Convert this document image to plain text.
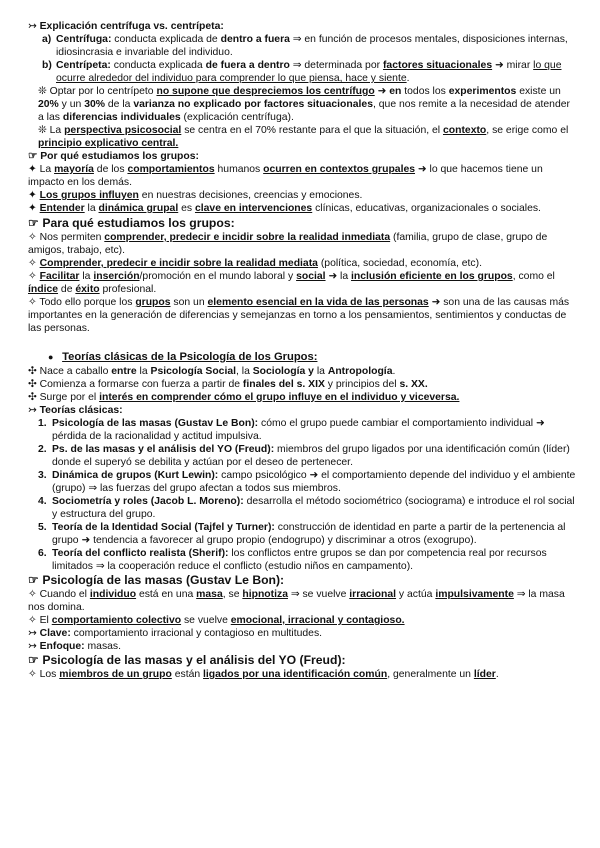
↣ Explicación centrífuga vs. centrípeta:

a) Centrífuga: conducta explicada de dentro a fuera ⇒ en función de procesos mentales, disposiciones internas, idiosincrasia e invariable del individuo.

b) Centrípeta: conducta explicada de fuera a dentro ⇒ determinada por factores situacionales ➜ mirar lo que ocurre alrededor del individuo para comprender lo que piensa, hace y siente.

❊ Optar por lo centrípeto no supone que despreciemos los centrífugo ➜ en todos los experimentos existe un 20% y un 30% de la varianza no explicado por factores situacionales, que nos remite a la necesidad de atender a las diferencias individuales (explicación centrífuga).

❊ La perspectiva psicosocial se centra en el 70% restante para el que la situación, el contexto, se erige como el principio explicativo central.

☞ Por qué estudiamos los grupos:

✦ La mayoría de los comportamientos humanos ocurren en contextos grupales ➜ lo que hacemos tiene un impacto en los demás.

✦ Los grupos influyen en nuestras decisiones, creencias y emociones.

✦ Entender la dinámica grupal es clave en intervenciones clínicas, educativas, organizacionales o sociales.

☞ Para qué estudiamos los grupos:

✧ Nos permiten comprender, predecir e incidir sobre la realidad inmediata (familia, grupo de clase, grupo de amigos, trabajo, etc).

✧ Comprender, predecir e incidir sobre la realidad mediata (política, sociedad, economía, etc).

✧ Facilitar la inserción/promoción en el mundo laboral y social ➜ la inclusión eficiente en los grupos, como el índice de éxito profesional.

✧ Todo ello porque los grupos son un elemento esencial en la vida de las personas ➜ son una de las causas más importantes en la generación de diferencias y semejanzas en torno a los pensamientos, sentimientos y conductas de las personas.

● Teorías clásicas de la Psicología de los Grupos:

✣ Nace a caballo entre la Psicología Social, la Sociología y la Antropología.

✣ Comienza a formarse con fuerza a partir de finales del s. XIX y principios del s. XX.

✣ Surge por el interés en comprender cómo el grupo influye en el individuo y viceversa.

↣ Teorías clásicas:

1. Psicología de las masas (Gustav Le Bon): cómo el grupo puede cambiar el comportamiento individual ➜ pérdida de la racionalidad y actitud impulsiva.

2. Ps. de las masas y el análisis del YO (Freud): miembros del grupo ligados por una identificación común (líder) donde el superyó se debilita y actúan por el deseo de pertenecer.

3. Dinámica de grupos (Kurt Lewin): campo psicológico ➜ el comportamiento depende del individuo y el ambiente (grupo) ⇒ las fuerzas del grupo afectan a todos sus miembros.

4. Sociometría y roles (Jacob L. Moreno): desarrolla el método sociométrico (sociograma) e introduce el rol social y estructura del grupo.

5. Teoría de la Identidad Social (Tajfel y Turner): construcción de identidad en parte a partir de la pertenencia al grupo ➜ tendencia a favorecer al grupo propio (endogrupo) y discriminar a otros (exogrupo).

6. Teoría del conflicto realista (Sherif): los conflictos entre grupos se dan por competencia real por recursos limitados ⇒ la cooperación reduce el conflicto (estudio niños en campamento).

☞ Psicología de las masas (Gustav Le Bon):

✧ Cuando el individuo está en una masa, se hipnotiza ⇒ se vuelve irracional y actúa impulsivamente ⇒ la masa nos domina.

✧ El comportamiento colectivo se vuelve emocional, irracional y contagioso.

↣ Clave: comportamiento irracional y contagioso en multitudes.

↣ Enfoque: masas.

☞ Psicología de las masas y el análisis del YO (Freud):

✧ Los miembros de un grupo están ligados por una identificación común, generalmente un líder.
